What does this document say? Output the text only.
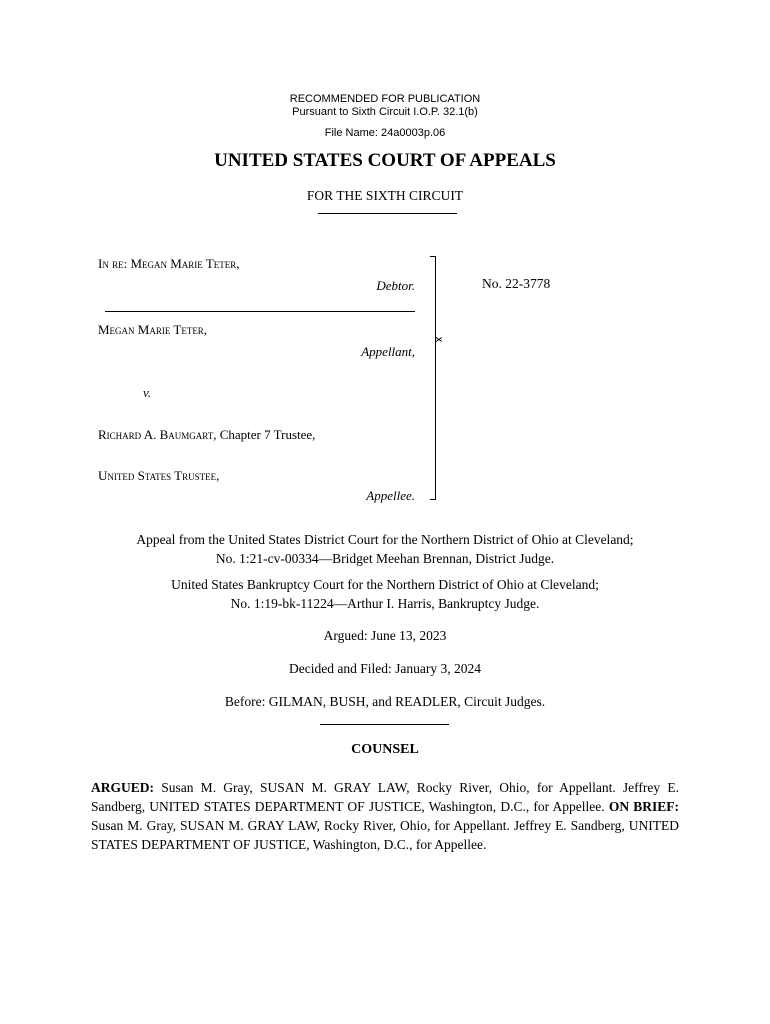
RECOMMENDED FOR PUBLICATION
Pursuant to Sixth Circuit I.O.P. 32.1(b)
File Name: 24a0003p.06
UNITED STATES COURT OF APPEALS
FOR THE SIXTH CIRCUIT
In re: Megan Marie Teter,
Debtor.
Megan Marie Teter,
Appellant,
v.
Richard A. Baumgart, Chapter 7 Trustee,
United States Trustee,
Appellee.
No. 22-3778
Appeal from the United States District Court for the Northern District of Ohio at Cleveland;
No. 1:21-cv-00334—Bridget Meehan Brennan, District Judge.
United States Bankruptcy Court for the Northern District of Ohio at Cleveland;
No. 1:19-bk-11224—Arthur I. Harris, Bankruptcy Judge.
Argued: June 13, 2023
Decided and Filed: January 3, 2024
Before: GILMAN, BUSH, and READLER, Circuit Judges.
COUNSEL
ARGUED: Susan M. Gray, SUSAN M. GRAY LAW, Rocky River, Ohio, for Appellant. Jeffrey E. Sandberg, UNITED STATES DEPARTMENT OF JUSTICE, Washington, D.C., for Appellee. ON BRIEF: Susan M. Gray, SUSAN M. GRAY LAW, Rocky River, Ohio, for Appellant. Jeffrey E. Sandberg, UNITED STATES DEPARTMENT OF JUSTICE, Washington, D.C., for Appellee.
